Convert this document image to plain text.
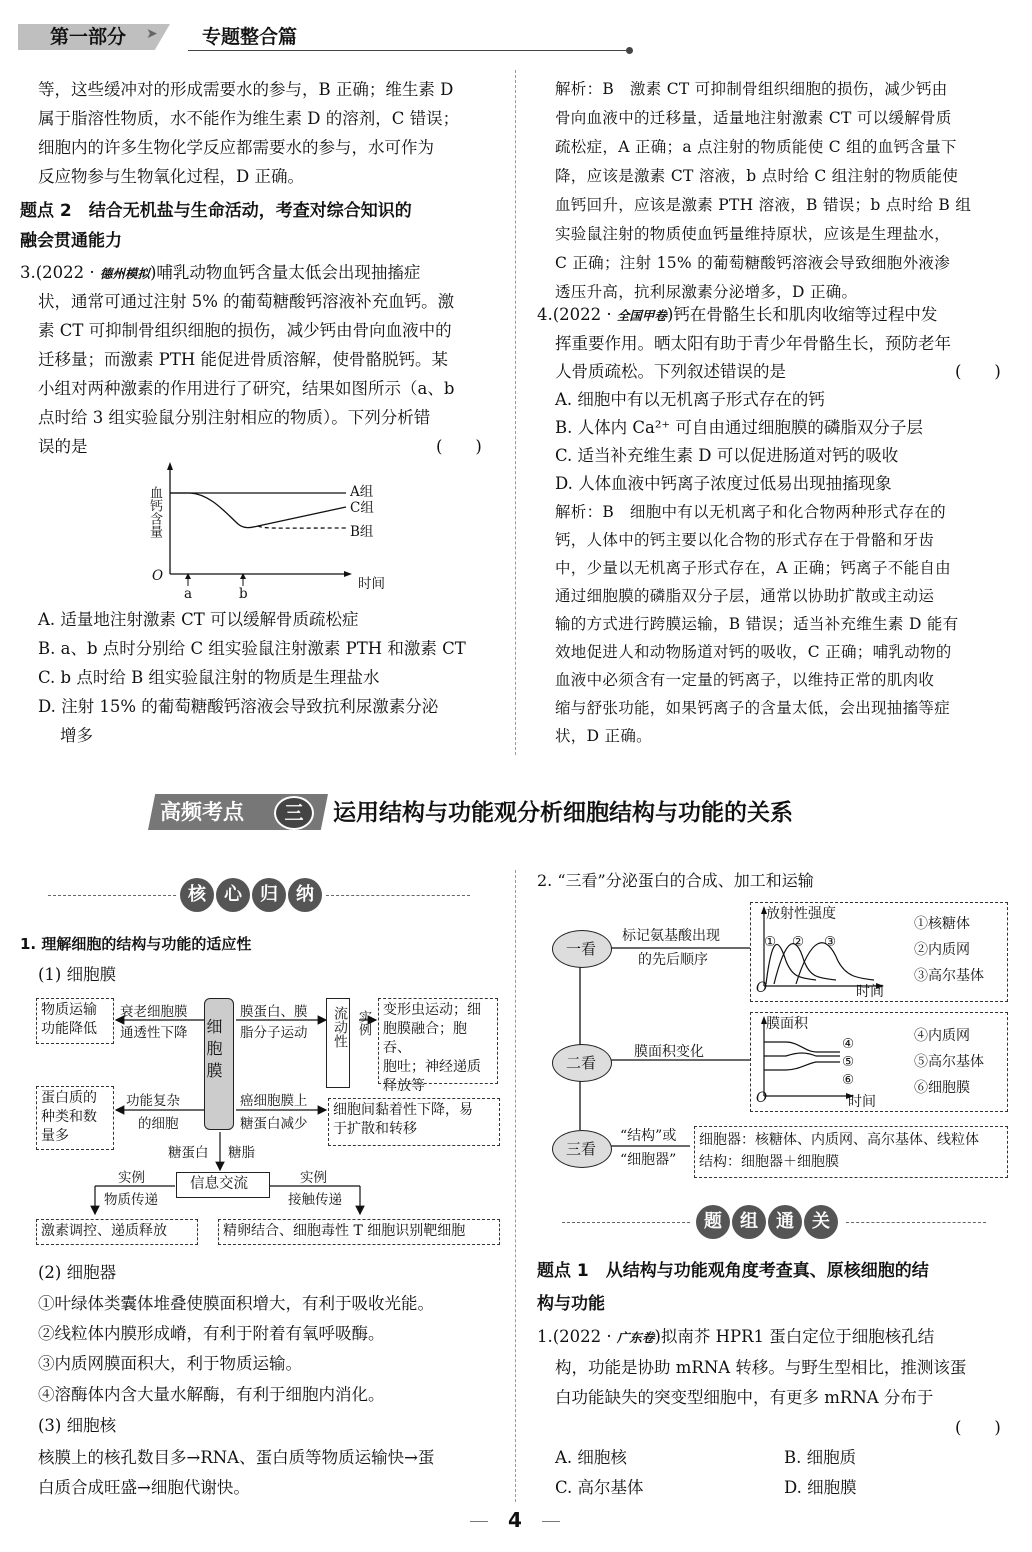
第一部分 ➤ 专题整合篇
等，这些缓冲对的形成需要水的参与，B 正确；维生素 D
属于脂溶性物质，水不能作为维生素 D 的溶剂，C 错误；
细胞内的许多生物化学反应都需要水的参与，水可作为
反应物参与生物氧化过程，D 正确。
题点 2　结合无机盐与生命活动，考查对综合知识的
融会贯通能力
3.(2022 · 德州模拟)哺乳动物血钙含量太低会出现抽搐症
状，通常可通过注射 5% 的葡萄糖酸钙溶液补充血钙。激
素 CT 可抑制骨组织细胞的损伤，减少钙由骨向血液中的
迁移量；而激素 PTH 能促进骨质溶解，使骨骼脱钙。某
小组对两种激素的作用进行了研究，结果如图所示（a、b
点时给 3 组实验鼠分别注射相应的物质）。下列分析错
误的是	(　　)
血钙含量
O
a	b
时间
A组
C组
B组
A. 适量地注射激素 CT 可以缓解骨质疏松症
B. a、b 点时分别给 C 组实验鼠注射激素 PTH 和激素 CT
C. b 点时给 B 组实验鼠注射的物质是生理盐水
D. 注射 15% 的葡萄糖酸钙溶液会导致抗利尿激素分泌
增多
解析：B　激素 CT 可抑制骨组织细胞的损伤，减少钙由
骨向血液中的迁移量，适量地注射激素 CT 可以缓解骨质
疏松症，A 正确；a 点注射的物质能使 C 组的血钙含量下
降，应该是激素 CT 溶液，b 点时给 C 组注射的物质能使
血钙回升，应该是激素 PTH 溶液，B 错误；b 点时给 B 组
实验鼠注射的物质使血钙量维持原状，应该是生理盐水，
C 正确；注射 15% 的葡萄糖酸钙溶液会导致细胞外液渗
透压升高，抗利尿激素分泌增多，D 正确。
4.(2022 · 全国甲卷)钙在骨骼生长和肌肉收缩等过程中发
挥重要作用。晒太阳有助于青少年骨骼生长，预防老年
人骨质疏松。下列叙述错误的是	(　　)
A. 细胞中有以无机离子形式存在的钙
B. 人体内 Ca²⁺ 可自由通过细胞膜的磷脂双分子层
C. 适当补充维生素 D 可以促进肠道对钙的吸收
D. 人体血液中钙离子浓度过低易出现抽搐现象
解析：B　细胞中有以无机离子和化合物两种形式存在的
钙，人体中的钙主要以化合物的形式存在于骨骼和牙齿
中，少量以无机离子形式存在，A 正确；钙离子不能自由
通过细胞膜的磷脂双分子层，通常以协助扩散或主动运
输的方式进行跨膜运输，B 错误；适当补充维生素 D 能有
效地促进人和动物肠道对钙的吸收，C 正确；哺乳动物的
血液中必须含有一定量的钙离子，以维持正常的肌肉收
缩与舒张功能，如果钙离子的含量太低，会出现抽搐等症
状，D 正确。
高频考点	三	运用结构与功能观分析细胞结构与功能的关系
核	心	归	纳
1. 理解细胞的结构与功能的适应性
(1) 细胞膜
细胞膜
物质运输
功能降低
衰老细胞膜
通透性下降
膜蛋白、膜
脂分子运动 流动性 实例 变形虫运动；细
胞膜融合；胞吞、
胞吐；神经递质
释放等
蛋白质的
种类和数
量多
功能复杂
的细胞
癌细胞膜上
糖蛋白减少
细胞间黏着性下降，易
于扩散和转移
糖蛋白 糖脂
信息交流
实例
物质传递
实例
接触传递
激素调控、递质释放	精卵结合、细胞毒性 T 细胞识别靶细胞
(2) 细胞器
①叶绿体类囊体堆叠使膜面积增大，有利于吸收光能。
②线粒体内膜形成嵴，有利于附着有氧呼吸酶。
③内质网膜面积大，利于物质运输。
④溶酶体内含大量水解酶，有利于细胞内消化。
(3) 细胞核
核膜上的核孔数目多→RNA、蛋白质等物质运输快→蛋
白质合成旺盛→细胞代谢快。
2. “三看”分泌蛋白的合成、加工和运输
一看
标记氨基酸出现
的先后顺序
放射性强度
① ② ③
O	时间
①核糖体
②内质网
③高尔基体
二看
膜面积变化
膜面积
④
⑤
⑥
O	时间
④内质网
⑤高尔基体
⑥细胞膜
三看
“结构”或
“细胞器”
细胞器：核糖体、内质网、高尔基体、线粒体
结构：细胞器＋细胞膜
题	组	通	关
题点 1　从结构与功能观角度考查真、原核细胞的结
构与功能
1.(2022 · 广东卷)拟南芥 HPR1 蛋白定位于细胞核孔结
构，功能是协助 mRNA 转移。与野生型相比，推测该蛋
白功能缺失的突变型细胞中，有更多 mRNA 分布于
(　　)
A. 细胞核	B. 细胞质
C. 高尔基体	D. 细胞膜
4
